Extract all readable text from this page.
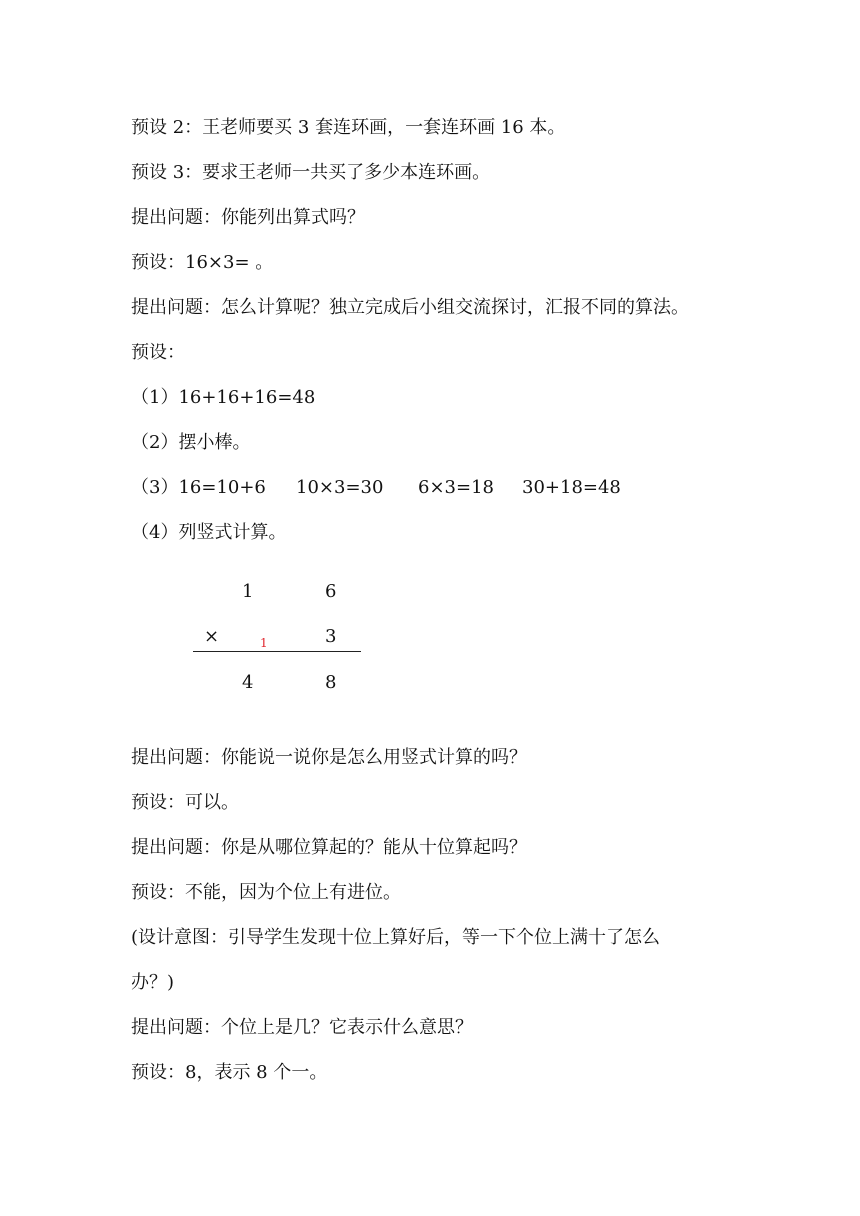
预设 2：王老师要买 3 套连环画，一套连环画 16 本。
预设 3：要求王老师一共买了多少本连环画。
提出问题：你能列出算式吗？
预设：16×3= 。
提出问题：怎么计算呢？独立完成后小组交流探讨，汇报不同的算法。
预设：
（1）16+16+16=48
（2）摆小棒。
（3）16=10+6 10×3=30 6×3=18 30+18=48
（4）列竖式计算。
1	6
×	1	3
4	8
提出问题：你能说一说你是怎么用竖式计算的吗？
预设：可以。
提出问题：你是从哪位算起的？能从十位算起吗？
预设：不能，因为个位上有进位。
(设计意图：引导学生发现十位上算好后，等一下个位上满十了怎么
办？)
提出问题：个位上是几？它表示什么意思？
预设：8，表示 8 个一。
